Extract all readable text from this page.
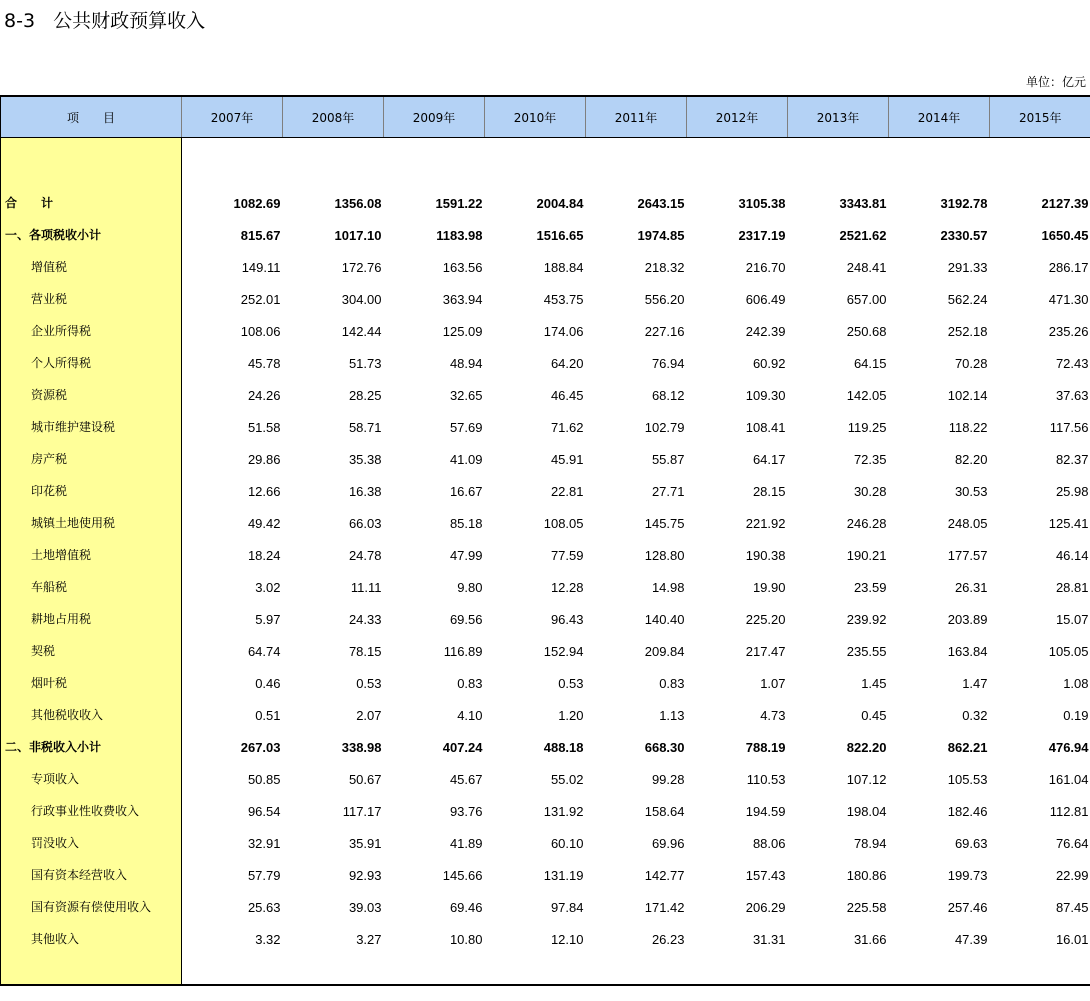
8-3   公共财政预算收入
单位：亿元
项　　目	2007年	2008年	2009年	2010年	2011年	2012年	2013年	2014年	2015年

合　　计	1082.69	1356.08	1591.22	2004.84	2643.15	3105.38	3343.81	3192.78	2127.39
一、各项税收小计	815.67	1017.10	1183.98	1516.65	1974.85	2317.19	2521.62	2330.57	1650.45
增值税	149.11	172.76	163.56	188.84	218.32	216.70	248.41	291.33	286.17
营业税	252.01	304.00	363.94	453.75	556.20	606.49	657.00	562.24	471.30
企业所得税	108.06	142.44	125.09	174.06	227.16	242.39	250.68	252.18	235.26
个人所得税	45.78	51.73	48.94	64.20	76.94	60.92	64.15	70.28	72.43
资源税	24.26	28.25	32.65	46.45	68.12	109.30	142.05	102.14	37.63
城市维护建设税	51.58	58.71	57.69	71.62	102.79	108.41	119.25	118.22	117.56
房产税	29.86	35.38	41.09	45.91	55.87	64.17	72.35	82.20	82.37
印花税	12.66	16.38	16.67	22.81	27.71	28.15	30.28	30.53	25.98
城镇土地使用税	49.42	66.03	85.18	108.05	145.75	221.92	246.28	248.05	125.41
土地增值税	18.24	24.78	47.99	77.59	128.80	190.38	190.21	177.57	46.14
车船税	3.02	11.11	9.80	12.28	14.98	19.90	23.59	26.31	28.81
耕地占用税	5.97	24.33	69.56	96.43	140.40	225.20	239.92	203.89	15.07
契税	64.74	78.15	116.89	152.94	209.84	217.47	235.55	163.84	105.05
烟叶税	0.46	0.53	0.83	0.53	0.83	1.07	1.45	1.47	1.08
其他税收收入	0.51	2.07	4.10	1.20	1.13	4.73	0.45	0.32	0.19
二、非税收入小计	267.03	338.98	407.24	488.18	668.30	788.19	822.20	862.21	476.94
专项收入	50.85	50.67	45.67	55.02	99.28	110.53	107.12	105.53	161.04
行政事业性收费收入	96.54	117.17	93.76	131.92	158.64	194.59	198.04	182.46	112.81
罚没收入	32.91	35.91	41.89	60.10	69.96	88.06	78.94	69.63	76.64
国有资本经营收入	57.79	92.93	145.66	131.19	142.77	157.43	180.86	199.73	22.99
国有资源有偿使用收入	25.63	39.03	69.46	97.84	171.42	206.29	225.58	257.46	87.45
其他收入	3.32	3.27	10.80	12.10	26.23	31.31	31.66	47.39	16.01
